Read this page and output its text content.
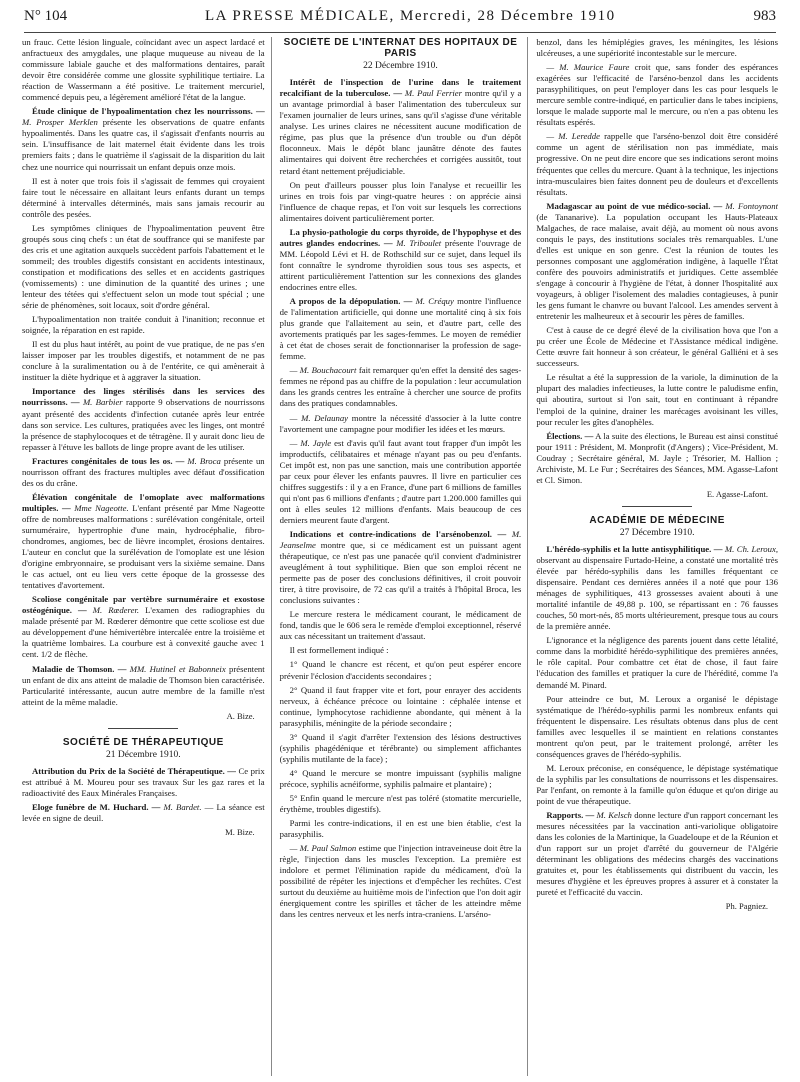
N° 104	LA PRESSE MÉDICALE, Mercredi, 28 Décembre 1910	983

un frauc. Cette lésion linguale, coïncidant avec un aspect lardacé et anfractueux des amygdales, une plaque muqueuse au niveau de la commissure labiale gauche et des malformations dentaires, paraît devoir être considérée comme une glossite syphilitique tertiaire. La réaction de Wassermann a été positive. Le traitement mercuriel, commencé depuis peu, a légèrement amélioré l'état de la langue.

Étude clinique de l'hypoalimentation chez les nourrissons. — M. Prosper Merklen présente les observations de quatre enfants hypoalimentés. Dans les quatre cas, il s'agissait d'enfants nourris au sein. L'insuffisance de lait maternel était évidente dans les trois premiers faits ; dans le quatrième il s'agissait de la disparition du lait chez une nourrice qui nourrissait un enfant depuis onze mois.

Il est à noter que trois fois il s'agissait de femmes qui croyaient faire tout le nécessaire en allaitant leurs enfants durant un temps déterminé à intervalles déterminés, mais sans jamais recourir au contrôle des pesées.

Les symptômes cliniques de l'hypoalimentation peuvent être groupés sous cinq chefs : un état de souffrance qui se manifeste par des cris et une agitation auxquels succèdent parfois l'abattement et le sommeil; des troubles digestifs consistant en accidents intestinaux, constipation et modifications des selles et en accidents gastriques (vomissements) : une diminution de la quantité des urines ; une lenteur des tétées qui s'effectuent selon un mode tout spécial ; une série de phénomènes, soit locaux, soit d'ordre général.

L'hypoalimentation non traitée conduit à l'inanition; reconnue et soignée, la réparation en est rapide.

Il est du plus haut intérêt, au point de vue pratique, de ne pas s'en laisser imposer par les troubles digestifs, et notamment de ne pas conclure à la suralimentation ou à de l'entérite, ce qui amènerait à instituer la diète hydrique et à aggraver la situation.

Importance des linges stérilisés dans les services des nourrissons. — M. Barbier rapporte 9 observations de nourrissons ayant présenté des accidents d'infection cutanée après leur entrée dans son service. Les cultures, pratiquées avec les linges, ont montré la présence de staphylocoques et de tétragène. Il y aurait donc lieu de repasser à l'étuve les ballots de linge propre avant de les utiliser.

Fractures congénitales de tous les os. — M. Broca présente un nourrisson offrant des fractures multiples avec défaut d'ossification des os du crâne.

Élévation congénitale de l'omoplate avec malformations multiples. — Mme Nageotte. L'enfant présenté par Mme Nageotte offre de nombreuses malformations : surélévation congénitale, orteil surnuméraire, hypertrophie d'une main, hydrocéphalie, fibro-chondromes, angiomes, bec de lièvre incomplet, érosions dentaires. L'auteur en conclut que la surélévation de l'omoplate est une lésion d'origine embryonnaire, se produisant vers la sixième semaine. Dans le cas actuel, ont eu lieu vers cette époque de la grossesse des tentatives d'avortement.

Scoliose congénitale par vertèbre surnuméraire et exostose ostéogénique. — M. Rœderer. L'examen des radiographies du malade présenté par M. Rœderer démontre que cette scoliose est due au développement d'une hémivertèbre intercalée entre la troisième et la quatrième lombaires. La courbure est à convexité gauche avec 1 cent. 1/2 de flèche.

Maladie de Thomson. — MM. Hutinel et Babonneix présentent un enfant de dix ans atteint de maladie de Thomson bien caractérisée. Particularité intéressante, aucun autre membre de la famille n'est atteint de la même maladie.

A. Bize.
SOCIÉTÉ DE THÉRAPEUTIQUE
21 Décembre 1910.

Attribution du Prix de la Société de Thérapeutique. — Ce prix est attribué à M. Moureu pour ses travaux Sur les gaz rares et la radioactivité des Eaux Minérales Françaises.

Eloge funèbre de M. Huchard. — M. Bardet. — La séance est levée en signe de deuil.

M. Bize.
SOCIÉTÉ DE L'INTERNAT DES HOPITAUX DE PARIS
22 Décembre 1910.

Intérêt de l'inspection de l'urine dans le traitement recalcifiant de la tuberculose. — M. Paul Ferrier montre qu'il y a un avantage primordial à baser l'alimentation des tuberculeux sur l'examen journalier de leurs urines, sans qu'il s'agisse d'une véritable analyse. Les urines claires ne nécessitent aucune modification de régime, pas plus que la présence d'un trouble ou d'un dépôt floconneux. Mais le dépôt blanc jaunâtre dénote des fautes alimentaires qui doivent être recherchées et corrigées aussitôt, tout retard étant nettement préjudiciable.

On peut d'ailleurs pousser plus loin l'analyse et recueillir les urines en trois fois par vingt-quatre heures : on apprécie ainsi l'influence de chaque repas, et l'on voit sur lesquels les corrections alimentaires doivent particulièrement porter.

La physio-pathologie du corps thyroïde, de l'hypophyse et des autres glandes endocrines. — M. Triboulet présente l'ouvrage de MM. Léopold Lévi et H. de Rothschild sur ce sujet, dans lequel ils font connaître le syndrome thyroïdien sous tous ses aspects, et attirent particulièrement l'attention sur les connexions des glandes endocrines entre elles.

A propos de la dépopulation. — M. Créquy montre l'influence de l'alimentation artificielle, qui donne une mortalité cinq à six fois plus grande que l'allaitement au sein, et d'autre part, celle des avortements pratiqués par les sages-femmes. Le moyen de remédier à cet état de choses serait de fonctionnariser la profession de sage-femme.

— M. Bouchacourt fait remarquer qu'en effet la densité des sages-femmes ne répond pas au chiffre de la population : leur accumulation dans les grands centres les entraîne à chercher une source de profits dans des pratiques condamnables.

— M. Delaunay montre la nécessité d'associer à la lutte contre l'avortement une campagne pour modifier les idées et les mœurs.

— M. Jayle est d'avis qu'il faut avant tout frapper d'un impôt les improductifs, célibataires et ménage n'ayant pas ou peu d'enfants. Cet impôt est, non pas une sanction, mais une contribution apportée par ceux pour élever les enfants pauvres. Il livre en particulier ces chiffres suggestifs : il y a en France, d'une part 6 millions de familles qui n'ont pas 6 millions d'enfants ; d'autre part 1.200.000 familles qui ont à elles seules 12 millions d'enfants. Mais beaucoup de ces derniers meurent faute d'argent.

Indications et contre-indications de l'arsénobenzol. — M. Jeanselme montre que, si ce médicament est un puissant agent thérapeutique, ce n'est pas une panacée qu'il convient d'administrer aveuglément à tout syphilitique. Bien que son emploi récent ne permette pas de poser des conclusions définitives, il croit pouvoir tirer, à titre provisoire, de 72 cas qu'il a traités à l'hôpital Broca, les conclusions suivantes :

Le mercure restera le médicament courant, le médicament de fond, tandis que le 606 sera le remède d'emploi exceptionnel, réservé aux cas nécessitant un traitement d'assaut.

Il est formellement indiqué :

1° Quand le chancre est récent, et qu'on peut espérer encore prévenir l'éclosion d'accidents secondaires ;

2° Quand il faut frapper vite et fort, pour enrayer des accidents nerveux, à échéance précoce ou lointaine : céphalée intense et continue, lymphocytose rachidienne abondante, qui mènent à la parasyphilis, méningite de la période secondaire ;

3° Quand il s'agit d'arrêter l'extension des lésions destructives (syphilis phagédénique et térébrante) ou simplement affichantes (syphilis mutilante de la face) ;

4° Quand le mercure se montre impuissant (syphilis maligne précoce, syphilis acnéiforme, syphilis palmaire et plantaire) ;

5° Enfin quand le mercure n'est pas toléré (stomatite mercurielle, érythème, troubles digestifs).

Parmi les contre-indications, il en est une bien établie, c'est la parasyphilis.

— M. Paul Salmon estime que l'injection intraveineuse doit être la règle, l'injection dans les muscles l'exception. La première est indolore et permet l'élimination rapide du médicament, d'où la possibilité de répéter les injections et d'empêcher les rechûtes. C'est surtout du deuxième au huitième mois de l'infection que l'on doit agir énergiquement contre les spirilles et tâcher de les atteindre même dans les centres nerveux et les nerfs intra-craniens. L'arséno-

benzol, dans les hémiplégies graves, les méningites, les lésions ulcéreuses, a une supériorité incontestable sur le mercure.

— M. Maurice Faure croit que, sans fonder des espérances exagérées sur l'efficacité de l'arséno-benzol dans les accidents parasyphilitiques, on peut l'employer dans les cas pour lesquels le mercure semble contre-indiqué, en particulier dans le tabes incipiens, lorsque le malade supporte mal le mercure, ou n'en a pas obtenu les résultats espérés.

— M. Leredde rappelle que l'arséno-benzol doit être considéré comme un agent de stérilisation non pas immédiate, mais progressive. On ne peut dire encore que ses indications seront moins fréquentes que celles du mercure. Quant à la technique, les injections intra-musculaires bien faites donnent peu de douleurs et d'excellents résultats.

Madagascar au point de vue médico-social. — M. Fontoynont (de Tananarive). La population occupant les Hauts-Plateaux Malgaches, de race malaise, avait déjà, au moment où nous avons conquis le pays, des institutions sociales très remarquables. L'une d'elles est unique en son genre. C'est la réunion de toutes les personnes composant une agglomération indigène, à laquelle l'État confère des pouvoirs administratifs et juridiques. Cette assemblée s'engage à concourir à l'hygiène de l'état, à donner l'hospitalité aux voyageurs, à obliger l'isolement des maladies contagieuses, à punir les gens fumant le chanvre ou buvant l'alcool. Les amendes servent à entretenir les malheureux et à secourir les pères de familles.

C'est à cause de ce degré élevé de la civilisation hova que l'on a pu créer une École de Médecine et l'Assistance médical indigène. Cette œuvre fait honneur à son créateur, le général Galliéni et à ses successeurs.

Le résultat a été la suppression de la variole, la diminution de la plupart des maladies infectieuses, la lutte contre le paludisme enfin, qui aboutira, surtout si l'on sait, tout en continuant à répandre l'emploi de la quinine, drainer les marécages avoisinant les villes, pour reculer les gîtes d'anophèles.

Élections. — A la suite des élections, le Bureau est ainsi constitué pour 1911 : Président, M. Monprofit (d'Angers) ; Vice-Président, M. Coudray ; Secrétaire général, M. Jayle ; Trésorier, M. Hallion ; Archiviste, M. Le Fur ; Secrétaires des Séances, MM. Agasse-Lafont et Cl. Simon.

E. Agasse-Lafont.
ACADÉMIE DE MÉDECINE
27 Décembre 1910.

L'hérédo-syphilis et la lutte antisyphilitique. — M. Ch. Leroux, observant au dispensaire Furtado-Heine, a constaté une mortalité très élevée par hérédo-syphilis dans les familles fréquentant ce dispensaire. Pendant ces dernières années il a noté que pour 136 ménages de syphilitiques, 413 grossesses avaient abouti à une mortalité infantile de 49,88 p. 100, se répartissant en : 76 fausses couches, 50 mort-nés, 85 morts ultérieurement, presque tous au cours de la première année.

L'ignorance et la négligence des parents jouent dans cette létalité, comme dans la morbidité hérédo-syphilitique des premières années, le rôle capital. Pour combattre cet état de chose, il faut faire l'éducation des familles et pratiquer la cure de l'hérédité, comme l'a demandé M. Pinard.

Pour atteindre ce but, M. Leroux a organisé le dépistage systématique de l'hérédo-syphilis parmi les nombreux enfants qui fréquentent le dispensaire. Les résultats obtenus dans plus de cent familles avec lesquelles il se maintient en relations constantes montrent qu'on peut, par le traitement prolongé, arrêter les conséquences graves de l'hérédo-syphilis.

M. Leroux préconise, en conséquence, le dépistage systématique de la syphilis par les consultations de nourrissons et les dispensaires. Par l'enfant, on remonte à la famille qu'on éduque et qu'on dirige au point de vue thérapeutique.

Rapports. — M. Kelsch donne lecture d'un rapport concernant les mesures nécessitées par la vaccination anti-variolique obligatoire dans les colonies de la Martinique, la Guadeloupe et de la Réunion et d'un rapport sur un projet d'arrêté du gouverneur de l'Algérie déterminant les obligations des médecins chargés des vaccinations gratuites et, pour les établissements qui distribuent du vaccin, les mesures d'hygiène et les épreuves propres à assurer et à constater la pureté et l'efficacité du vaccin.

Ph. Pagniez.
